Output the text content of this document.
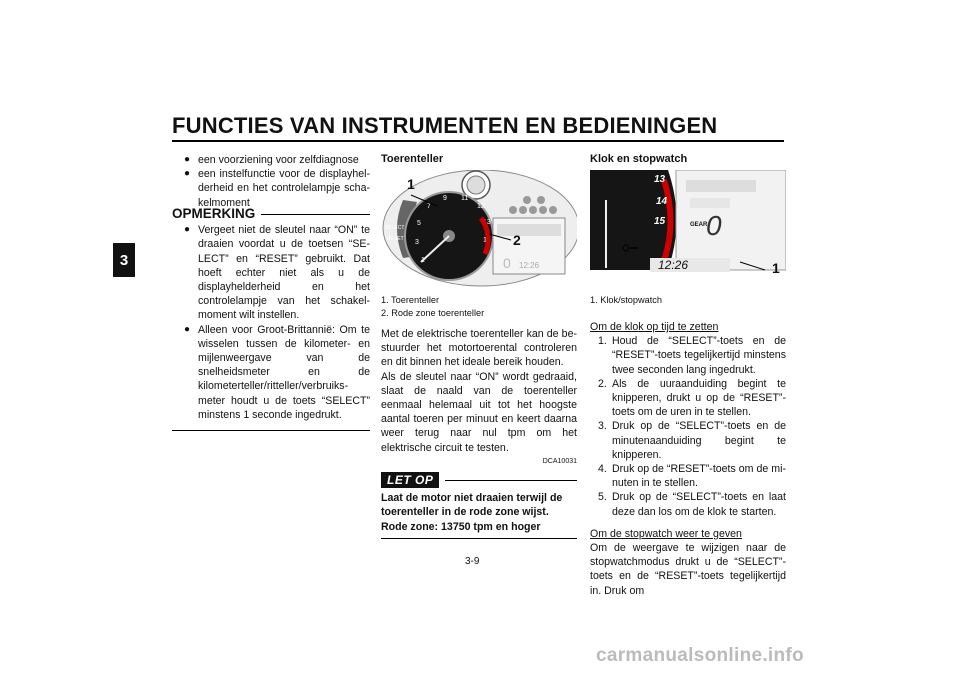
FUNCTIES VAN INSTRUMENTEN EN BEDIENINGEN
3
● een voorziening voor zelfdiagnose
● een instelfunctie voor de displayhelderheid en het controlelampje schakelmoment
OPMERKING
● Vergeet niet de sleutel naar “ON” te draaien voordat u de toetsen “SELECT” en “RESET” gebruikt. Dat hoeft echter niet als u de displayhelderheid en het controlelampje van het schakelmoment wilt instellen.
● Alleen voor Groot-Brittannië: Om te wisselen tussen de kilometer- en mijlenweergave van de snelheidsmeter en de kilometerteller/ritteller/verbruiksmeter houdt u de toets “SELECT” minstens 1 seconde ingedrukt.
Toerenteller
1
3
5
7
9 11
12
13
14
0 12:26
SELECT
RESET
1
2
1. Toerenteller
2. Rode zone toerenteller

Met de elektrische toerenteller kan de bestuurder het motortoerental controleren en dit binnen het ideale bereik houden.

Als de sleutel naar “ON” wordt gedraaid, slaat de naald van de toerenteller eenmaal helemaal uit tot het hoogste aantal toeren per minuut en keert daarna weer terug naar nul tpm om het elektrische circuit te testen.

DCA10031
LET OP
Laat de motor niet draaien terwijl de toerenteller in de rode zone wijst.
Rode zone: 13750 tpm en hoger
Klok en stopwatch
13
14
15	GEAR
0
12:26	1
1. Klok/stopwatch
Om de klok op tijd te zetten
1. Houd de “SELECT”-toets en de “RESET”-toets tegelijkertijd minstens twee seconden lang ingedrukt.
2. Als de uuraanduiding begint te knipperen, drukt u op de “RESET”-toets om de uren in te stellen.
3. Druk op de “SELECT”-toets en de minutenaanduiding begint te knipperen.
4. Druk op de “RESET”-toets om de minuten in te stellen.
5. Druk op de “SELECT”-toets en laat deze dan los om de klok te starten.
Om de stopwatch weer te geven

Om de weergave te wijzigen naar de stopwatchmodus drukt u de “SELECT”-toets en de “RESET”-toets tegelijkertijd in. Druk om

3-9
carmanualsonline.info
